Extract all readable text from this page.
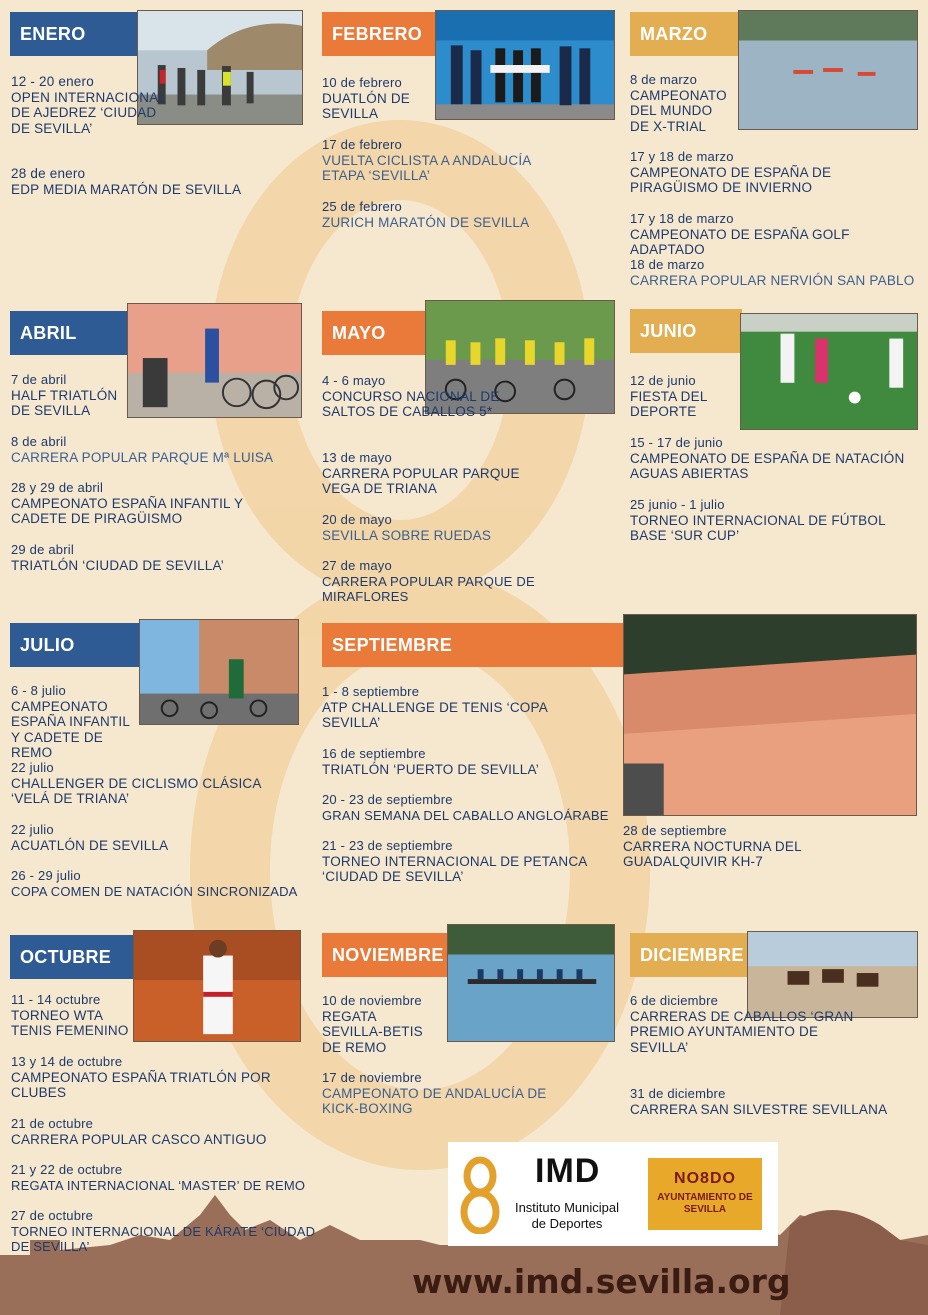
ENERO
12 - 20 enero
OPEN INTERNACIONAL DE AJEDREZ ‘CIUDAD DE SEVILLA’
28 de enero
EDP MEDIA MARATÓN DE SEVILLA
FEBRERO
10 de febrero
DUATLÓN DE SEVILLA
17 de febrero
VUELTA CICLISTA A ANDALUCÍA ETAPA ‘SEVILLA’
25 de febrero
ZURICH MARATÓN DE SEVILLA
MARZO
8 de marzo
CAMPEONATO DEL MUNDO DE X-TRIAL
17 y 18 de marzo
CAMPEONATO DE ESPAÑA DE PIRAGÜISMO DE INVIERNO
17 y 18 de marzo
CAMPEONATO DE ESPAÑA GOLF ADAPTADO
18 de marzo
CARRERA POPULAR NERVIÓN SAN PABLO
ABRIL
7 de abril
HALF TRIATLÓN DE SEVILLA
8 de abril
CARRERA POPULAR PARQUE Mª LUISA
28 y 29 de abril
CAMPEONATO ESPAÑA INFANTIL Y CADETE DE PIRAGÜISMO
29 de abril
TRIATLÓN ‘CIUDAD DE SEVILLA’
MAYO
4 - 6 mayo
CONCURSO NACIONAL DE SALTOS DE CABALLOS 5*
13 de mayo
CARRERA POPULAR PARQUE VEGA DE TRIANA
20 de mayo
SEVILLA SOBRE RUEDAS
27 de mayo
CARRERA POPULAR PARQUE DE MIRAFLORES
JUNIO
12 de junio
FIESTA DEL DEPORTE
15 - 17 de junio
CAMPEONATO DE ESPAÑA DE NATACIÓN AGUAS ABIERTAS
25 junio - 1 julio
TORNEO INTERNACIONAL DE FÚTBOL BASE ‘SUR CUP’
JULIO
6 - 8 julio
CAMPEONATO ESPAÑA INFANTIL Y CADETE DE REMO
22 julio
CHALLENGER DE CICLISMO CLÁSICA ‘VELÁ DE TRIANA’
22 julio
ACUATLÓN DE SEVILLA
26 - 29 julio
COPA COMEN DE NATACIÓN SINCRONIZADA
SEPTIEMBRE
1 - 8 septiembre
ATP CHALLENGE DE TENIS ‘COPA SEVILLA’
16 de septiembre
TRIATLÓN ‘PUERTO DE SEVILLA’
20 - 23 de septiembre
GRAN SEMANA DEL CABALLO ANGLOÁRABE
21 - 23 de septiembre
TORNEO INTERNACIONAL DE PETANCA ‘CIUDAD DE SEVILLA’
28 de septiembre
CARRERA NOCTURNA DEL GUADALQUIVIR KH-7
OCTUBRE
11 - 14 octubre
TORNEO WTA TENIS FEMENINO
13 y 14 de octubre
CAMPEONATO ESPAÑA TRIATLÓN POR CLUBES
21 de octubre
CARRERA POPULAR CASCO ANTIGUO
21 y 22 de octubre
REGATA INTERNACIONAL ‘MASTER’ DE REMO
27 de octubre
TORNEO INTERNACIONAL DE KÁRATE ‘CIUDAD DE SEVILLA’
NOVIEMBRE
10 de noviembre
REGATA SEVILLA-BETIS DE REMO
17 de noviembre
CAMPEONATO DE ANDALUCÍA DE KICK-BOXING
DICIEMBRE
6 de diciembre
CARRERAS DE CABALLOS ‘GRAN PREMIO AYUNTAMIENTO DE SEVILLA’
31 de diciembre
CARRERA SAN SILVESTRE SEVILLANA
IMD
Instituto Municipal de Deportes
NO8DO
AYUNTAMIENTO DE SEVILLA
www.imd.sevilla.org
